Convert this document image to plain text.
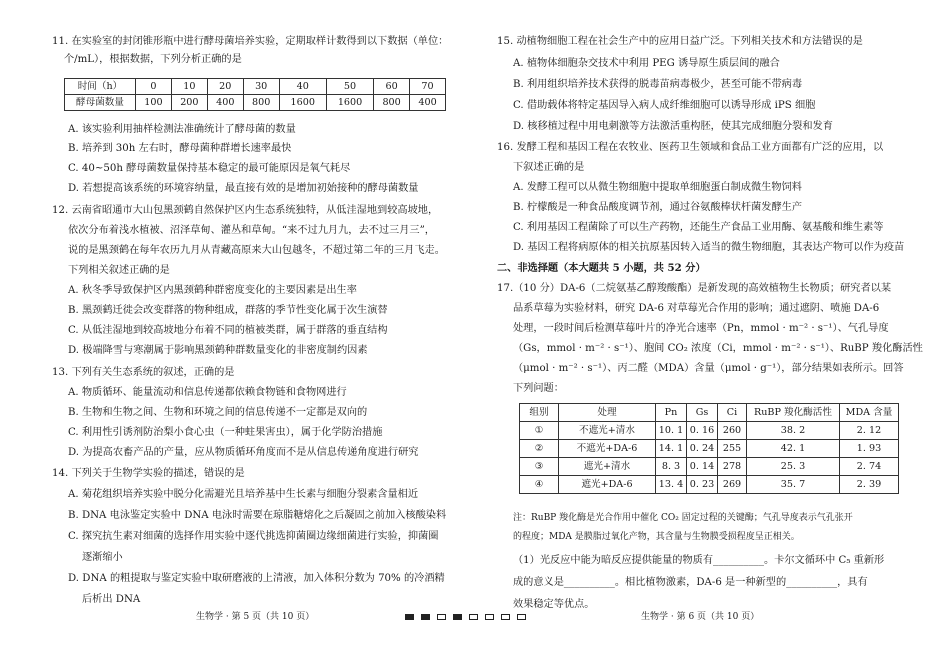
11. 在实验室的封闭锥形瓶中进行酵母菌培养实验，定期取样计数得到以下数据（单位：

个/mL），根据数据，下列分析正确的是

时间（h）	0	10	20	30	40	50	60	70
酵母菌数量	100	200	400	800	1600	1600	800	400

A. 该实验利用抽样检测法准确统计了酵母菌的数量

B. 培养到 30h 左右时，酵母菌种群增长速率最快

C. 40~50h 酵母菌数量保持基本稳定的最可能原因是氧气耗尽

D. 若想提高该系统的环境容纳量，最直接有效的是增加初始接种的酵母菌数量

12. 云南省昭通市大山包黑颈鹤自然保护区内生态系统独特，从低洼湿地到较高坡地，

依次分布着浅水植被、沼泽草甸、灌丛和草甸。“来不过九月九，去不过三月三”，

说的是黑颈鹤在每年农历九月从青藏高原来大山包越冬，不超过第二年的三月飞走。

下列相关叙述正确的是

A. 秋冬季导致保护区内黑颈鹤种群密度变化的主要因素是出生率

B. 黑颈鹤迁徙会改变群落的物种组成，群落的季节性变化属于次生演替

C. 从低洼湿地到较高坡地分布着不同的植被类群，属于群落的垂直结构

D. 极端降雪与寒潮属于影响黑颈鹤种群数量变化的非密度制约因素

13. 下列有关生态系统的叙述，正确的是

A. 物质循环、能量流动和信息传递都依赖食物链和食物网进行

B. 生物和生物之间、生物和环境之间的信息传递不一定都是双向的

C. 利用性引诱剂防治梨小食心虫（一种蛀果害虫），属于化学防治措施

D. 为提高农畜产品的产量，应从物质循环角度而不是从信息传递角度进行研究

14. 下列关于生物学实验的描述，错误的是

A. 菊花组织培养实验中脱分化需避光且培养基中生长素与细胞分裂素含量相近

B. DNA 电泳鉴定实验中 DNA 电泳时需要在琼脂糖熔化之后凝固之前加入核酸染料

C. 探究抗生素对细菌的选择作用实验中逐代挑选抑菌圈边缘细菌进行实验，抑菌圈

逐渐缩小

D. DNA 的粗提取与鉴定实验中取研磨液的上清液，加入体积分数为 70% 的冷酒精

后析出 DNA

生物学 · 第 5 页（共 10 页）

15. 动植物细胞工程在社会生产中的应用日益广泛。下列相关技术和方法错误的是

A. 植物体细胞杂交技术中利用 PEG 诱导原生质层间的融合

B. 利用组织培养技术获得的脱毒苗病毒极少，甚至可能不带病毒

C. 借助载体将特定基因导入病人成纤维细胞可以诱导形成 iPS 细胞

D. 核移植过程中用电刺激等方法激活重构胚，使其完成细胞分裂和发育

16. 发酵工程和基因工程在农牧业、医药卫生领域和食品工业方面都有广泛的应用，以

下叙述正确的是

A. 发酵工程可以从微生物细胞中提取单细胞蛋白制成微生物饲料

B. 柠檬酸是一种食品酸度调节剂，通过谷氨酸棒状杆菌发酵生产

C. 利用基因工程菌除了可以生产药物，还能生产食品工业用酶、氨基酸和维生素等

D. 基因工程将病原体的相关抗原基因转入适当的微生物细胞，其表达产物可以作为疫苗

二、非选择题（本大题共 5 小题，共 52 分）

17.（10 分）DA-6（二烷氨基乙醇羧酸酯）是新发现的高效植物生长物质；研究者以某

品系草莓为实验材料，研究 DA-6 对草莓光合作用的影响；通过遮阴、喷施 DA-6

处理，一段时间后检测草莓叶片的净光合速率（Pn，mmol · m⁻² · s⁻¹）、气孔导度

（Gs，mmol · m⁻² · s⁻¹）、胞间 CO₂ 浓度（Ci，mmol · m⁻² · s⁻¹）、RuBP 羧化酶活性

（μmol · m⁻² · s⁻¹）、丙二醛（MDA）含量（μmol · g⁻¹），部分结果如表所示。回答

下列问题：

组别	处理	Pn	Gs	Ci	RuBP 羧化酶活性	MDA 含量
①	不遮光+清水	10. 1	0. 16	260	38. 2	2. 12
②	不遮光+DA-6	14. 1	0. 24	255	42. 1	1. 93
③	遮光+清水	8. 3	0. 14	278	25. 3	2. 74
④	遮光+DA-6	13. 4	0. 23	269	35. 7	2. 39

注：RuBP 羧化酶是光合作用中催化 CO₂ 固定过程的关键酶；气孔导度表示气孔张开

的程度；MDA 是膜脂过氧化产物，其含量与生物膜受损程度呈正相关。

（1）光反应中能为暗反应提供能量的物质有__________。卡尔文循环中 C₅ 重新形

成的意义是__________。相比植物激素，DA-6 是一种新型的__________，具有

效果稳定等优点。

生物学 · 第 6 页（共 10 页）
